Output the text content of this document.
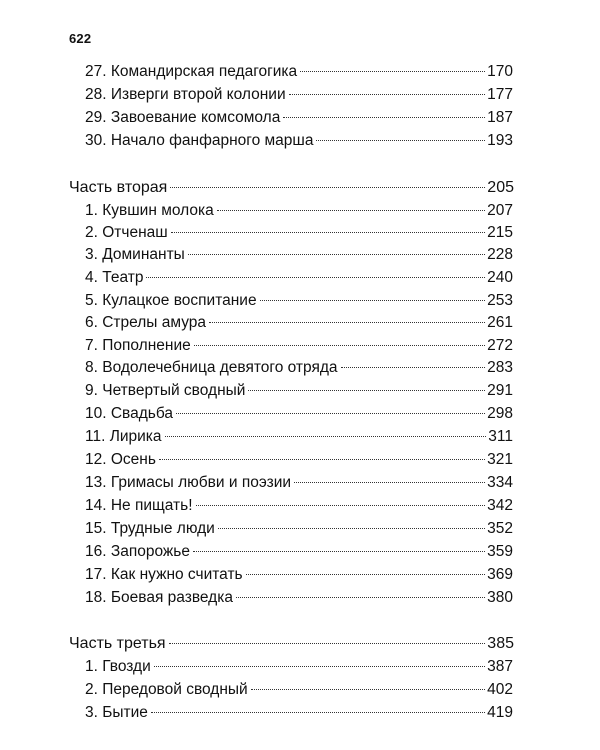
622
27. Командирская педагогика	170
28. Изверги второй колонии	177
29. Завоевание комсомола	187
30. Начало фанфарного марша	193
Часть вторая	205
1. Кувшин молока	207
2. Отченаш	215
3. Доминанты	228
4. Театр	240
5. Кулацкое воспитание	253
6. Стрелы амура	261
7. Пополнение	272
8. Водолечебница девятого отряда	283
9. Четвертый сводный	291
10. Свадьба	298
11. Лирика	311
12. Осень	321
13. Гримасы любви и поэзии	334
14. Не пищать!	342
15. Трудные люди	352
16. Запорожье	359
17. Как нужно считать	369
18. Боевая разведка	380
Часть третья	385
1. Гвозди	387
2. Передовой сводный	402
3. Бытие	419
